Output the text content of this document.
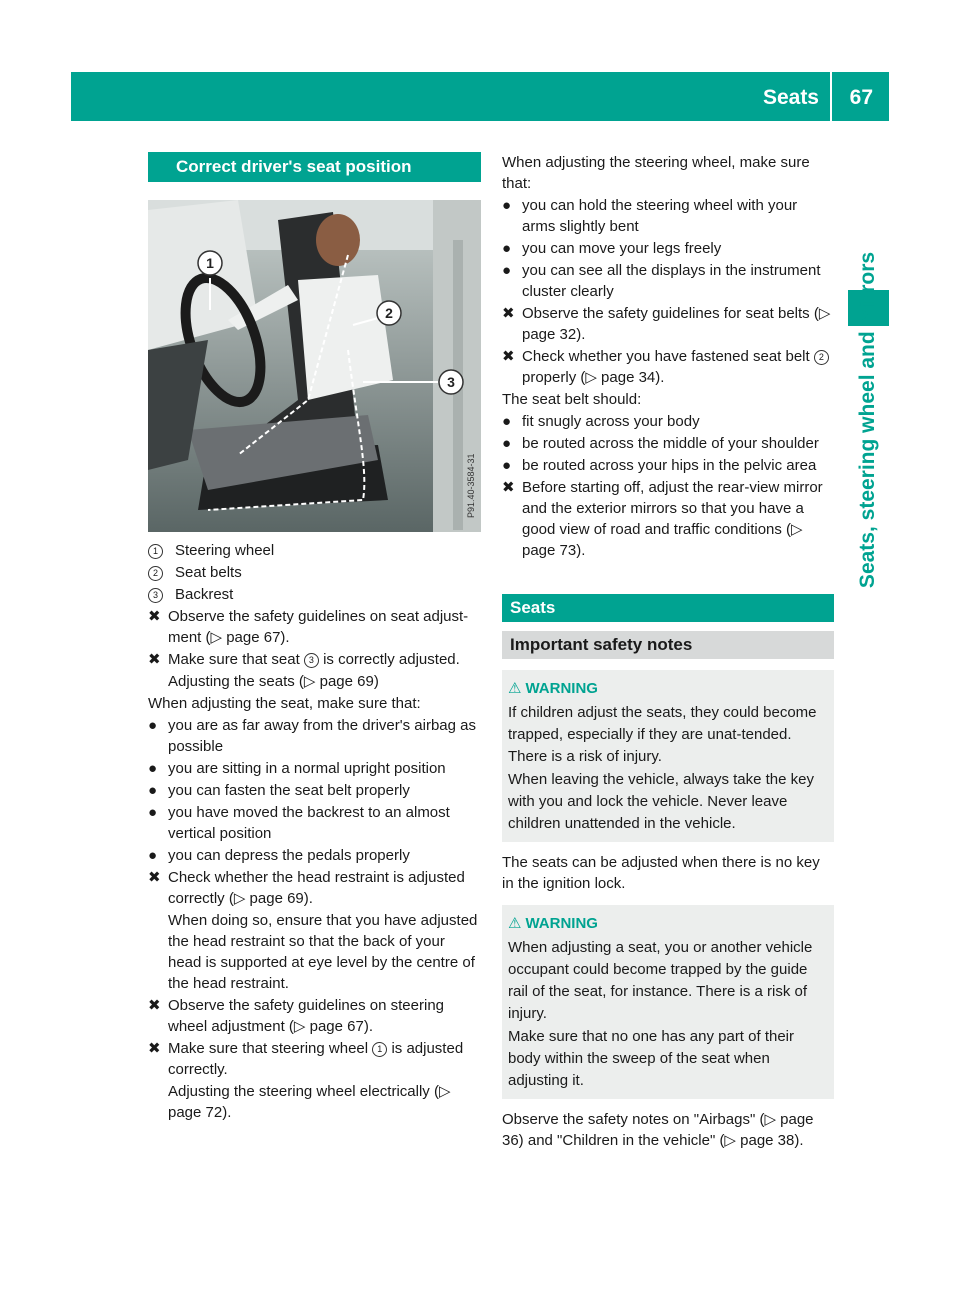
Seats 67
Seats, steering wheel and mirrors
Correct driver's seat position
1
2
3
P91.40-3584-31
1	Steering wheel
2	Seat belts
3	Backrest
✖ Observe the safety guidelines on seat adjust-ment (▷ page 67).
✖ Make sure that seat 3 is correctly adjusted.
Adjusting the seats (▷ page 69)
When adjusting the seat, make sure that:
● you are as far away from the driver's airbag as possible
● you are sitting in a normal upright position
● you can fasten the seat belt properly
● you have moved the backrest to an almost vertical position
● you can depress the pedals properly
✖ Check whether the head restraint is adjusted correctly (▷ page 69).
When doing so, ensure that you have adjusted the head restraint so that the back of your head is supported at eye level by the centre of the head restraint.
✖ Observe the safety guidelines on steering wheel adjustment (▷ page 67).
✖ Make sure that steering wheel 1 is adjusted correctly.
Adjusting the steering wheel electrically (▷ page 72).
When adjusting the steering wheel, make sure that:
● you can hold the steering wheel with your arms slightly bent
● you can move your legs freely
● you can see all the displays in the instrument cluster clearly
✖ Observe the safety guidelines for seat belts (▷ page 32).
✖ Check whether you have fastened seat belt 2 properly (▷ page 34).
The seat belt should:
● fit snugly across your body
● be routed across the middle of your shoulder
● be routed across your hips in the pelvic area
✖ Before starting off, adjust the rear-view mirror and the exterior mirrors so that you have a good view of road and traffic conditions (▷ page 73).
Seats
Important safety notes
⚠ WARNING
If children adjust the seats, they could become trapped, especially if they are unat-tended. There is a risk of injury.
When leaving the vehicle, always take the key with you and lock the vehicle. Never leave children unattended in the vehicle.
The seats can be adjusted when there is no key in the ignition lock.
⚠ WARNING
When adjusting a seat, you or another vehicle occupant could become trapped by the guide rail of the seat, for instance. There is a risk of injury.
Make sure that no one has any part of their body within the sweep of the seat when adjusting it.
Observe the safety notes on "Airbags" (▷ page 36) and "Children in the vehicle" (▷ page 38).
